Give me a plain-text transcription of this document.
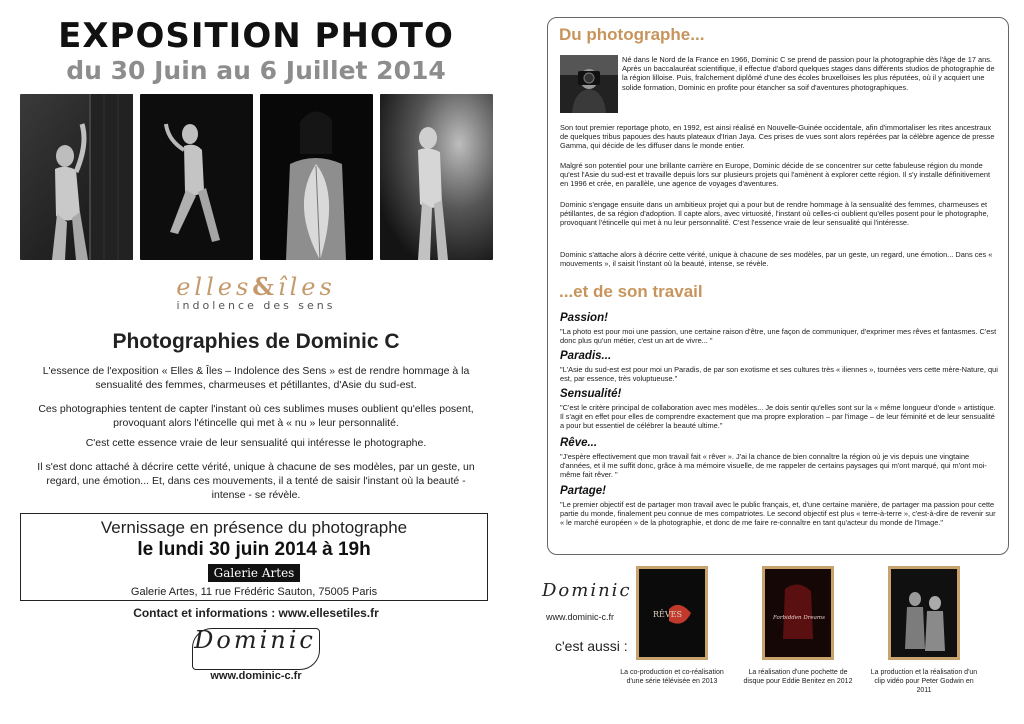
EXPOSITION PHOTO
du 30 Juin au 6 Juillet 2014
elles&îles
indolence des sens
Photographies de Dominic C
L'essence de l'exposition « Elles & Îles – Indolence des Sens » est de rendre hommage à la sensualité des femmes, charmeuses et pétillantes, d'Asie du sud-est.
Ces photographies tentent de capter l'instant où ces sublimes muses oublient qu'elles posent, provoquant alors l'étincelle qui met à « nu » leur personnalité.
C'est cette essence vraie de leur sensualité qui intéresse le photographe.
Il s'est donc attaché à décrire cette vérité, unique à chacune de ses modèles, par un geste, un regard, une émotion... Et, dans ces mouvements, il a tenté de saisir l'instant où la beauté - intense - se révèle.
Vernissage en présence du photographe
le lundi 30 juin 2014 à 19h
Galerie Artes
Galerie Artes, 11 rue Frédéric Sauton, 75005 Paris
Contact et informations : www.ellesetiles.fr
Dominic
www.dominic-c.fr
Du photographe...
Né dans le Nord de la France en 1966, Dominic C se prend de passion pour la photographie dès l'âge de 17 ans. Après un baccalauréat scientifique, il effectue d'abord quelques stages dans différents studios de photographie de la région lilloise. Puis, fraîchement diplômé d'une des écoles bruxelloises les plus réputées, où il y acquiert une solide formation, Dominic en profite pour étancher sa soif d'aventures photographiques.
Son tout premier reportage photo, en 1992, est ainsi réalisé en Nouvelle-Guinée occidentale, afin d'immortaliser les rites ancestraux de quelques tribus papoues des hauts plateaux d'Irian Jaya. Ces prises de vues sont alors repérées par la célèbre agence de presse Gamma, qui décide de les diffuser dans le monde entier.
Malgré son potentiel pour une brillante carrière en Europe, Dominic décide de se concentrer sur cette fabuleuse région du monde qu'est l'Asie du sud-est et travaille depuis lors sur plusieurs projets qui l'amènent à explorer cette région. Il s'y installe définitivement en 1996 et crée, en parallèle, une agence de voyages d'aventures.
Dominic s'engage ensuite dans un ambitieux projet qui a pour but de rendre hommage à la sensualité des femmes, charmeuses et pétillantes, de sa région d'adoption. Il capte alors, avec virtuosité, l'instant où celles-ci oublient qu'elles posent pour le photographe, provoquant l'étincelle qui met à nu leur personnalité. C'est l'essence vraie de leur sensualité qui l'intéresse.
Dominic s'attache alors à décrire cette vérité, unique à chacune de ses modèles, par un geste, un regard, une émotion... Dans ces « mouvements », il saisit l'instant où la beauté, intense, se révèle.
...et de son travail
Passion!
"La photo est pour moi une passion, une certaine raison d'être, une façon de communiquer, d'exprimer mes rêves et fantasmes. C'est donc plus qu'un métier, c'est un art de vivre... "
Paradis...
"L'Asie du sud-est est pour moi un Paradis, de par son exotisme et ses cultures très « iliennes », tournées vers cette mère-Nature, qui est, par essence, très voluptueuse."
Sensualité!
"C'est le critère principal de collaboration avec mes modèles... Je dois sentir qu'elles sont sur la « même longueur d'onde » artistique. Il s'agit en effet pour elles de comprendre exactement que ma propre exploration – par l'image – de leur féminité et de leur sensualité a pour but essentiel de célébrer la beauté ultime."
Rêve...
"J'espère effectivement que mon travail fait « rêver ». J'ai la chance de bien connaître la région où je vis depuis une vingtaine d'années, et il me suffit donc, grâce à ma mémoire visuelle, de me rappeler de certains paysages qui m'ont marqué, qui m'ont moi-même fait rêver. "
Partage!
"Le premier objectif est de partager mon travail avec le public français, et, d'une certaine manière, de partager ma passion pour cette partie du monde, finalement peu connue de mes compatriotes. Le second objectif est plus « terre-à-terre », c'est-à-dire de revenir sur « le marché européen » de la photographie, et donc de me faire re-connaître en tant qu'acteur du monde de l'Image."
Dominic
www.dominic-c.fr
c'est aussi :
RÊVES	Forbidden Dreams
La co-production et co-réalisation d'une série télévisée en 2013
La réalisation d'une pochette de disque pour Eddie Benitez en 2012
La production et la réalisation d'un clip vidéo pour Peter Godwin en 2011
